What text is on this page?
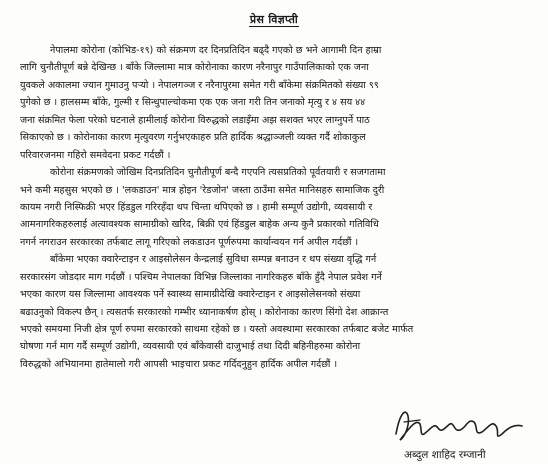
प्रेस विज्ञप्ती
नेपालमा कोरोना (कोभिड-१९) को संक्रमण दर दिनप्रतिदिन बढ्दै गएको छ भने आगामी दिन हाम्रा
लागि चुनौतीपूर्ण बन्ने देखिन्छ । बाँके जिल्लामा मात्र कोरोनाका कारण नरैनापुर गाउँपालिकाको एक जना
युवकले अकालमा ज्यान गुमाउनु पऱ्यो । नेपालगञ्ज र नरैनापुरमा समेत गरी बाँकेमा संक्रमितको संख्या ९९
पुगेको छ । हालसम्म बाँके, गुल्मी र सिन्धुपाल्चोकमा एक एक जना गरी तिन जनाको मृत्यु र ४ सय ४४
जना संक्रमित फेला परेको घटनाले हामीलाई कोरोना विरुद्धको लडाइँमा अझ सशक्त भएर लाग्नुपर्ने पाठ
सिकाएको छ । कोरोनाका कारण मृत्युवरण गर्नुभएकाहरु प्रति हार्दिक श्रद्धाञ्जली व्यक्त गर्दै शोकाकुल
परिवारजनमा गहिरो समवेदना प्रकट गर्दछौं ।
कोरोना संक्रमणको जोखिम दिनप्रतिदिन चुनौतीपूर्ण बन्दै गएपनि त्यसप्रतिको पूर्वतयारी र सजगतामा
भने कमी महसुस भएको छ । 'लकडाउन' मात्र होइन 'रेडजोन' जस्ता ठाउँमा समेत मानिसहरु सामाजिक दुरी
कायम नगरी निस्फिक्री भएर हिंडडुल गरिरहँदा थप चिन्ता थपिएको छ । हामी सम्पूर्ण उद्योगी, व्यवसायी र
आमनागरिकहरुलाई अत्यावश्यक सामाग्रीको खरिद, बिक्री एवं हिंडडुल बाहेक अन्य कुनै प्रकारको गतिविधि
नगर्न नगराउन सरकारका तर्फबाट लागू गरिएको लकडाउन पूर्णरुपमा कार्यान्वयन गर्न अपील गर्दछौं ।
बाँकेमा भएका क्वारेन्टाइन र आइसोलेसन केन्द्रलाई सुविधा सम्पन्न बनाउन र थप संख्या वृद्धि गर्न
सरकारसंग जोडदार माग गर्दछौं । पश्चिम नेपालका विभिन्न जिल्लाका नागरिकहरु बाँके हुँदै नेपाल प्रवेश गर्ने
भएका कारण यस जिल्लामा आवश्यक पर्ने स्वास्थ्य सामाग्रीदेखि क्वारेन्टाइन र आइसोलेसनको संख्या
बढाउनुको विकल्प छैन् । त्यसतर्फ सरकारको गम्भीर ध्यानाकर्षण होस् । कोरोनाका कारण सिंगो देश आक्रान्त
भएको समयमा निजी क्षेत्र पूर्ण रुपमा सरकारको साथमा रहेको छ । यस्तो अवस्थामा सरकारका तर्फबाट बजेट मार्फत
घोषणा गर्न माग गर्दै सम्पूर्ण उद्योगी, व्यवसायी एवं बाँकेवासी दाजुभाई तथा दिदी बहिनीहरुमा कोरोना
विरुद्धको अभियानमा हातेमालो गरी आपसी भाइचारा प्रकट गर्दिदनुहुन हार्दिक अपील गर्दछौं ।
अब्दुल शाहिद रम्जानी
